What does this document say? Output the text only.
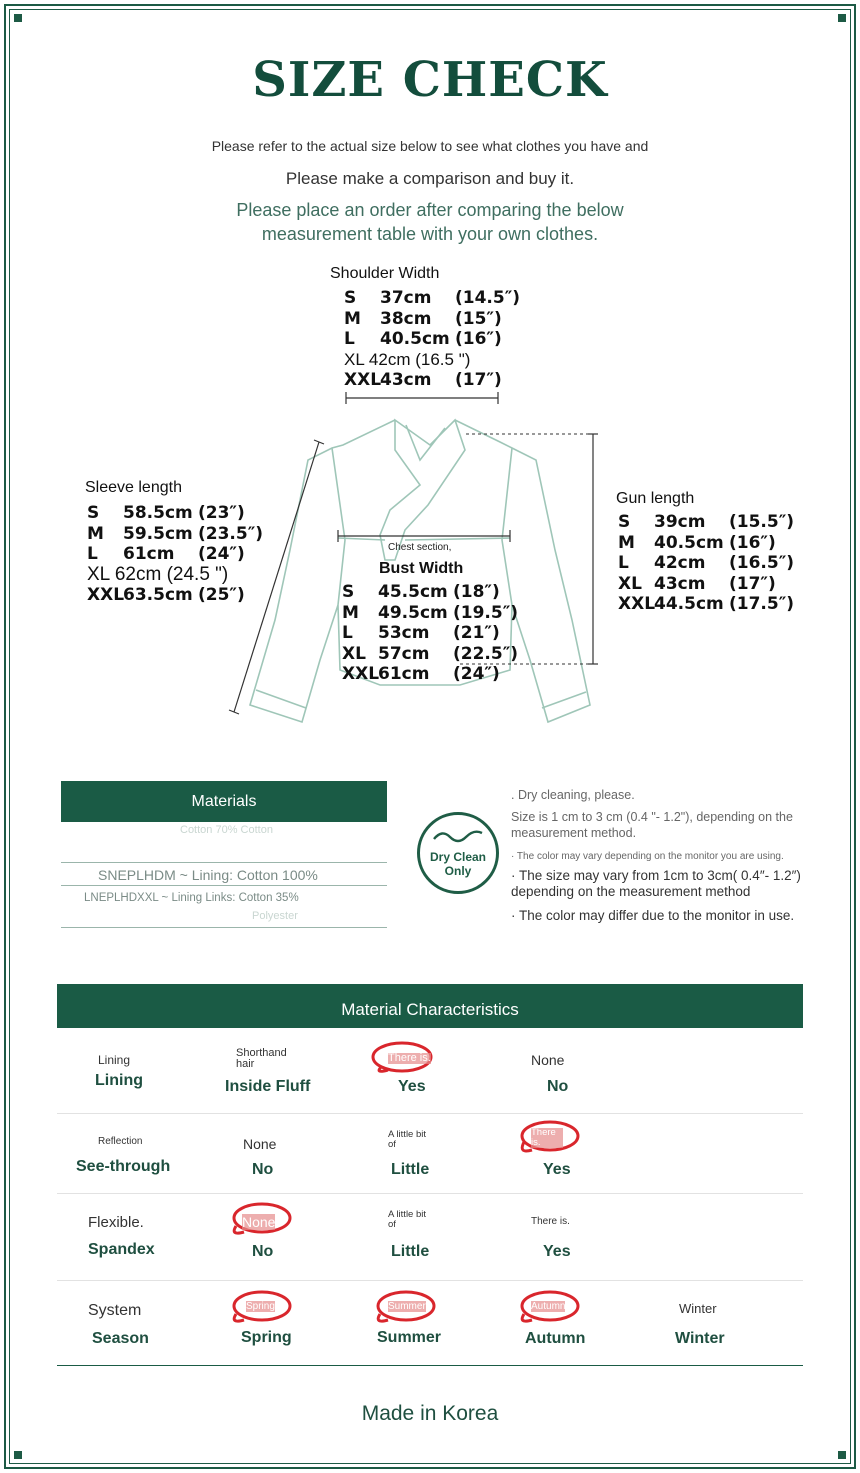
SIZE CHECK
Please refer to the actual size below to see what clothes you have and
Please make a comparison and buy it.
Please place an order after comparing the below
measurement table with your own clothes.
Shoulder Width
S 37cm (14.5″)
M 38cm (15″)
L 40.5cm (16″)
XL 42cm (16.5 ")
XXL43cm (17″)
Sleeve length
S 58.5cm (23″)
M 59.5cm (23.5″)
L 61cm (24″)
XL 62cm (24.5 ")
XXL63.5cm (25″)
Chest section,
Bust Width
S 45.5cm (18″)
M 49.5cm (19.5″)
L 53cm (21″)
XL 57cm (22.5″)
XXL61cm (24″)
Gun length
S 39cm (15.5″)
M 40.5cm (16″)
L 42cm (16.5″)
XL 43cm (17″)
XXL44.5cm (17.5″)
Materials
Cotton 70% Cotton
SNEPLHDM ~ Lining: Cotton 100%
LNEPLHDXXL ~ Lining Links: Cotton 35%
Polyester
Dry Clean
Only
. Dry cleaning, please.
Size is 1 cm to 3 cm (0.4 "- 1.2"), depending on the measurement method.
· The color may vary depending on the monitor you are using.
· The size may vary from 1cm to 3cm( 0.4″- 1.2″) depending on the measurement method
· The color may differ due to the monitor in use.
Material Characteristics
Lining
Lining
Shorthand hair
Inside Fluff
There is.
Yes
None
No
Reflection
See-through
None
No
A little bit of
Little
There is.
Yes
Flexible.
Spandex
None
No
A little bit of
Little
There is.
Yes
System
Season
Spring
Spring
Summer
Summer
Autumn
Autumn
Winter
Winter
Made in Korea
